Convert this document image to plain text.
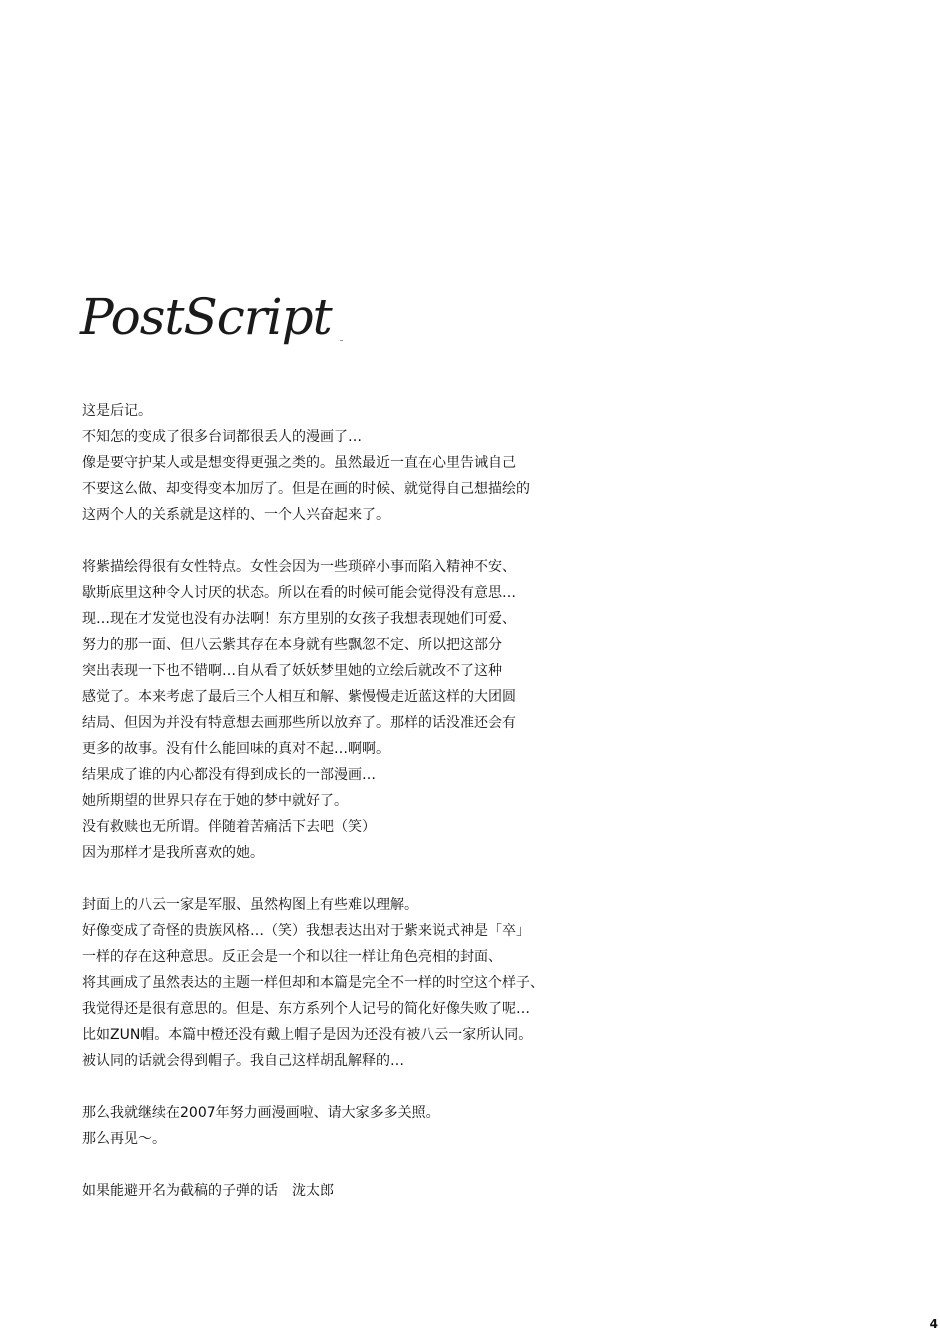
PostScript
这是后记。
不知怎的变成了很多台词都很丢人的漫画了…
像是要守护某人或是想变得更强之类的。虽然最近一直在心里告诫自己
不要这么做、却变得变本加厉了。但是在画的时候、就觉得自己想描绘的
这两个人的关系就是这样的、一个人兴奋起来了。
将紫描绘得很有女性特点。女性会因为一些琐碎小事而陷入精神不安、
歇斯底里这种令人讨厌的状态。所以在看的时候可能会觉得没有意思…
现…现在才发觉也没有办法啊！东方里别的女孩子我想表现她们可爱、
努力的那一面、但八云紫其存在本身就有些飘忽不定、所以把这部分
突出表现一下也不错啊…自从看了妖妖梦里她的立绘后就改不了这种
感觉了。本来考虑了最后三个人相互和解、紫慢慢走近蓝这样的大团圆
结局、但因为并没有特意想去画那些所以放弃了。那样的话没准还会有
更多的故事。没有什么能回味的真对不起…啊啊。
结果成了谁的内心都没有得到成长的一部漫画…
她所期望的世界只存在于她的梦中就好了。
没有救赎也无所谓。伴随着苦痛活下去吧（笑）
因为那样才是我所喜欢的她。
封面上的八云一家是军服、虽然构图上有些难以理解。
好像变成了奇怪的贵族风格…（笑）我想表达出对于紫来说式神是「卒」
一样的存在这种意思。反正会是一个和以往一样让角色亮相的封面、
将其画成了虽然表达的主题一样但却和本篇是完全不一样的时空这个样子、
我觉得还是很有意思的。但是、东方系列个人记号的简化好像失败了呢…
比如ZUN帽。本篇中橙还没有戴上帽子是因为还没有被八云一家所认同。
被认同的话就会得到帽子。我自己这样胡乱解释的…
那么我就继续在2007年努力画漫画啦、请大家多多关照。
那么再见～。
如果能避开名为截稿的子弹的话　泷太郎
4
